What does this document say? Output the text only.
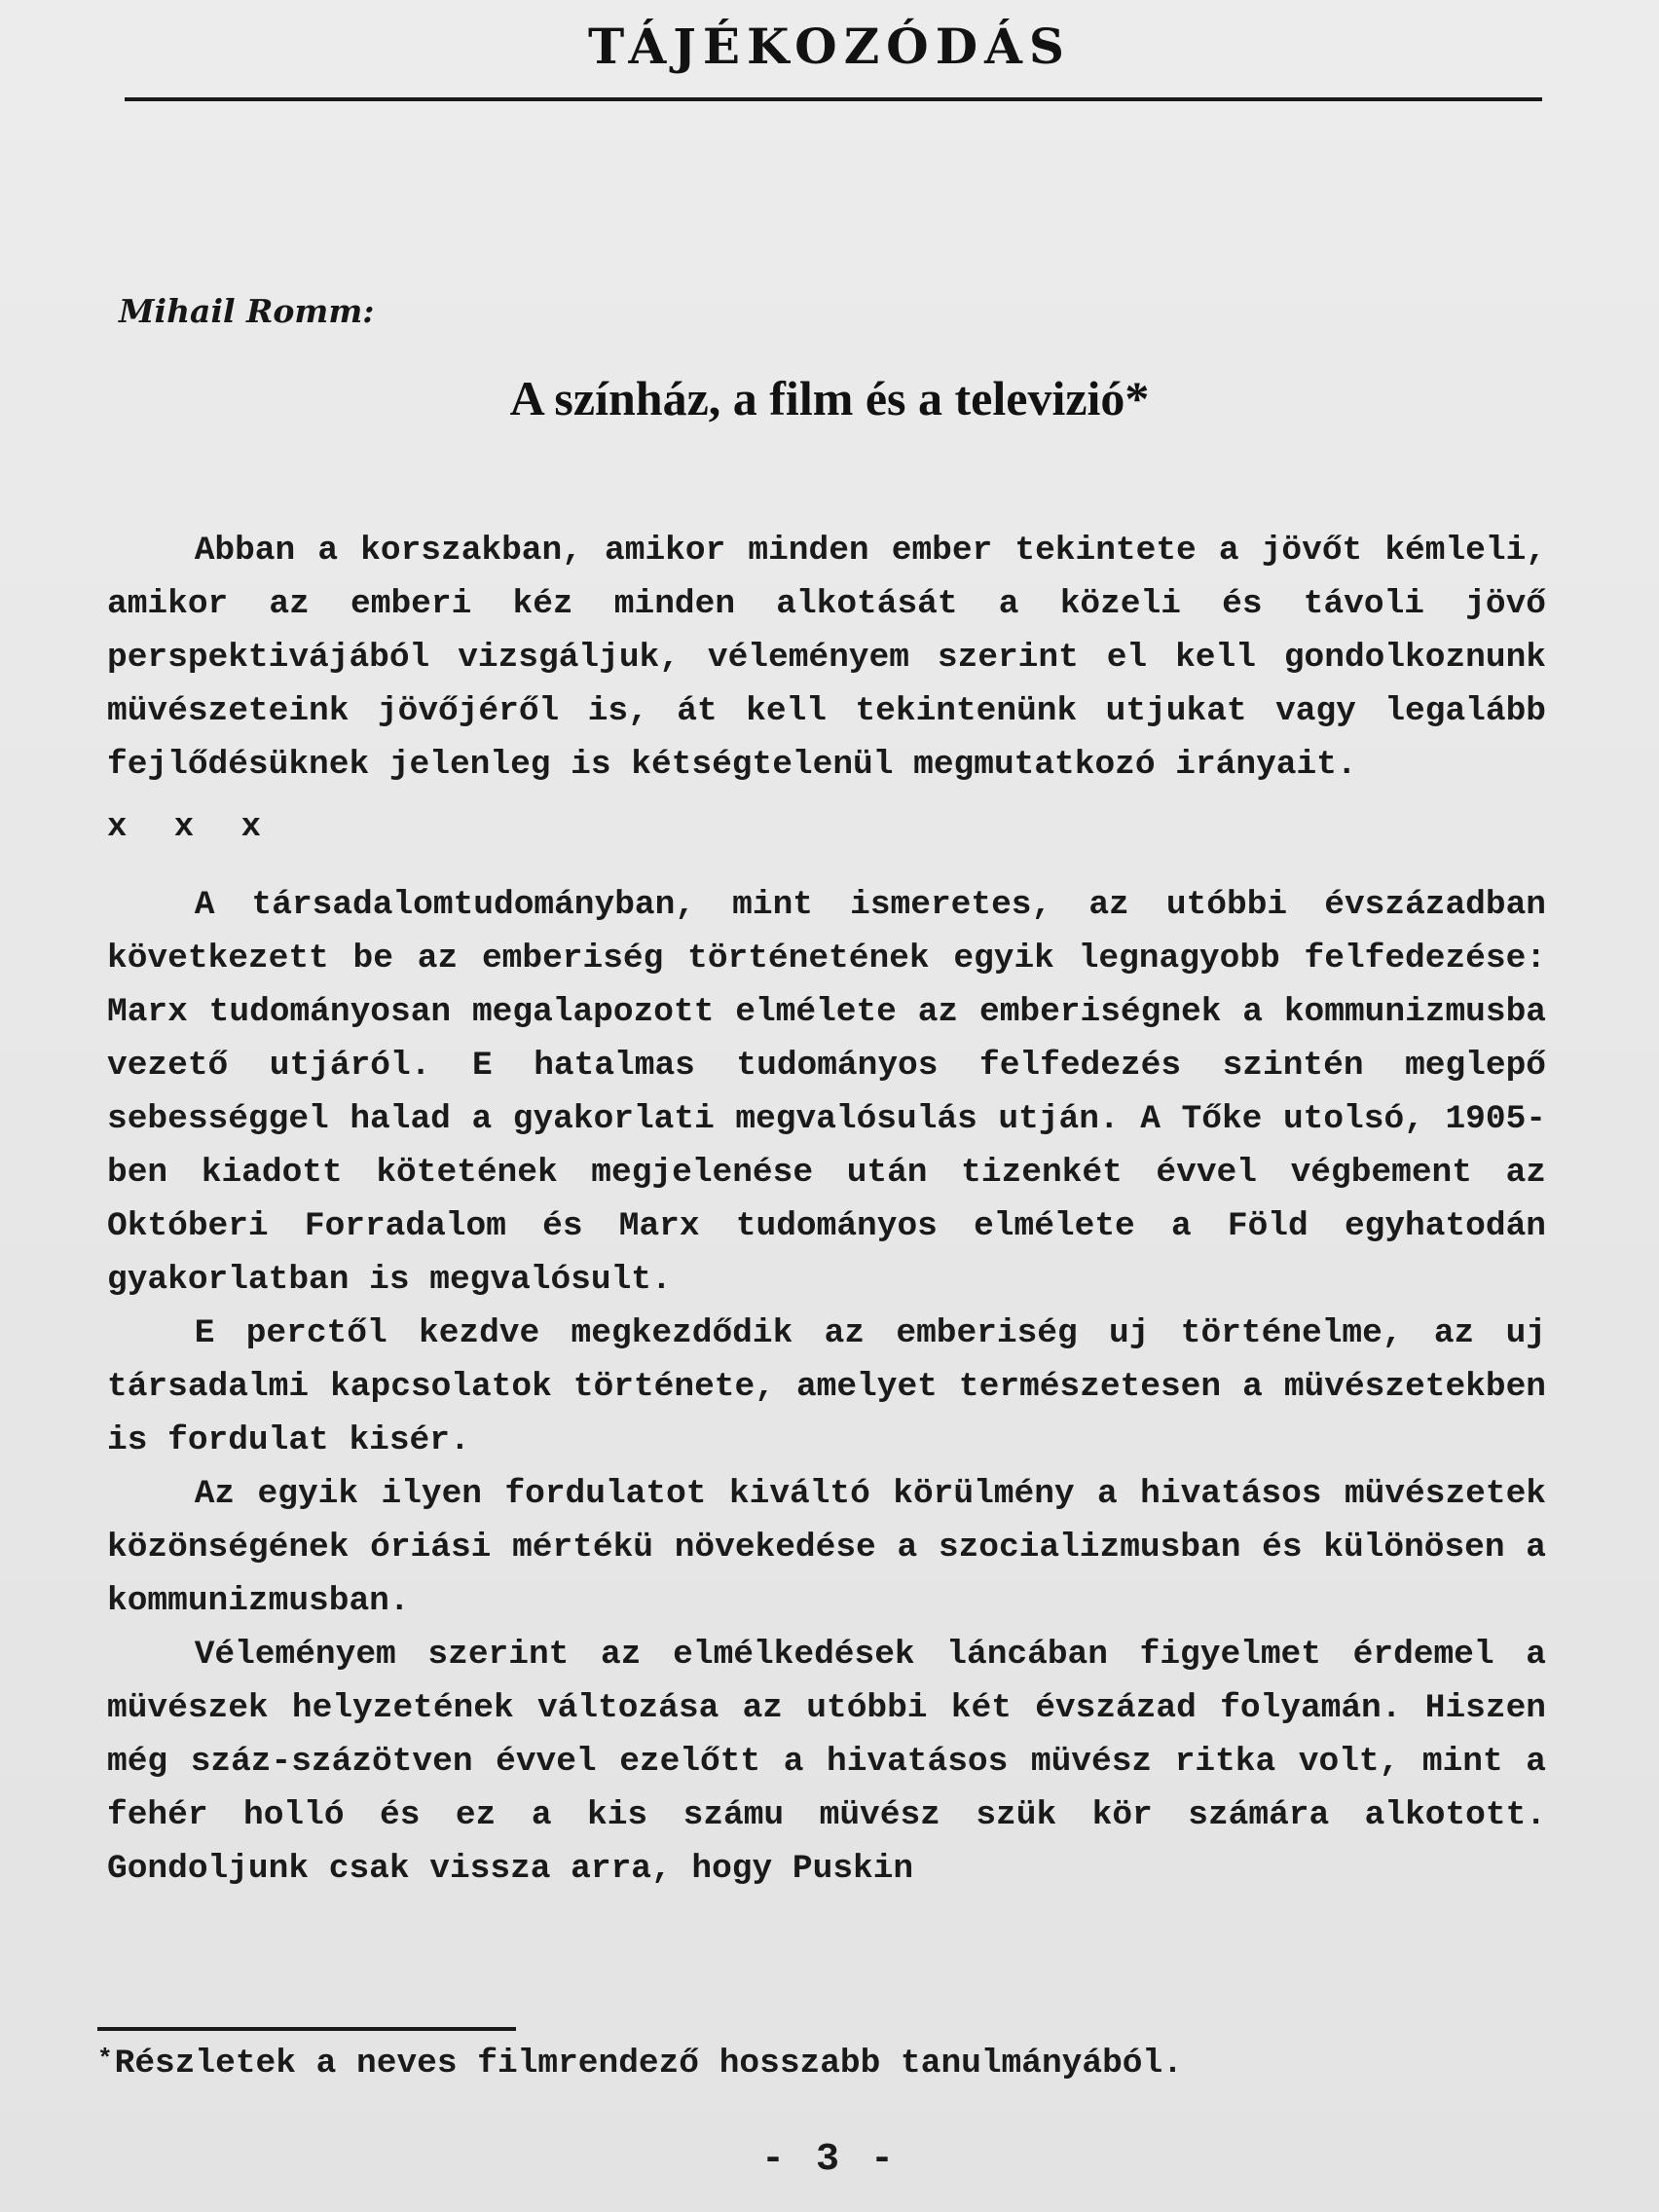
TÁJÉKOZÓDÁS
Mihail Romm:
A színház, a film és a televizió*

Abban a korszakban, amikor minden ember tekintete a jövőt kémleli, amikor az emberi kéz minden alkotását a közeli és távoli jövő perspektivájából vizsgáljuk, véleményem szerint el kell gondolkoznunk müvészeteink jövőjéről is, át kell tekintenünk utjukat vagy legalább fejlődésüknek jelenleg is kétségtelenül megmutatkozó irányait.

x x x

A társadalomtudományban, mint ismeretes, az utóbbi évszázadban következett be az emberiség történetének egyik legnagyobb felfedezése: Marx tudományosan megalapozott elmélete az emberiségnek a kommunizmusba vezető utjáról. E hatalmas tudományos felfedezés szintén meglepő sebességgel halad a gyakorlati megvalósulás utján. A Tőke utolsó, 1905-ben kiadott kötetének megjelenése után tizenkét évvel végbement az Októberi Forradalom és Marx tudományos elmélete a Föld egyhatodán gyakorlatban is megvalósult.

E perctől kezdve megkezdődik az emberiség uj történelme, az uj társadalmi kapcsolatok története, amelyet természetesen a müvészetekben is fordulat kisér.

Az egyik ilyen fordulatot kiváltó körülmény a hivatásos müvészetek közönségének óriási mértékü növekedése a szocializmusban és különösen a kommunizmusban.

Véleményem szerint az elmélkedések láncában figyelmet érdemel a müvészek helyzetének változása az utóbbi két évszázad folyamán. Hiszen még száz-százötven évvel ezelőtt a hivatásos müvész ritka volt, mint a fehér holló és ez a kis számu müvész szük kör számára alkotott. Gondoljunk csak vissza arra, hogy Puskin

*Részletek a neves filmrendező hosszabb tanulmányából.
- 3 -
